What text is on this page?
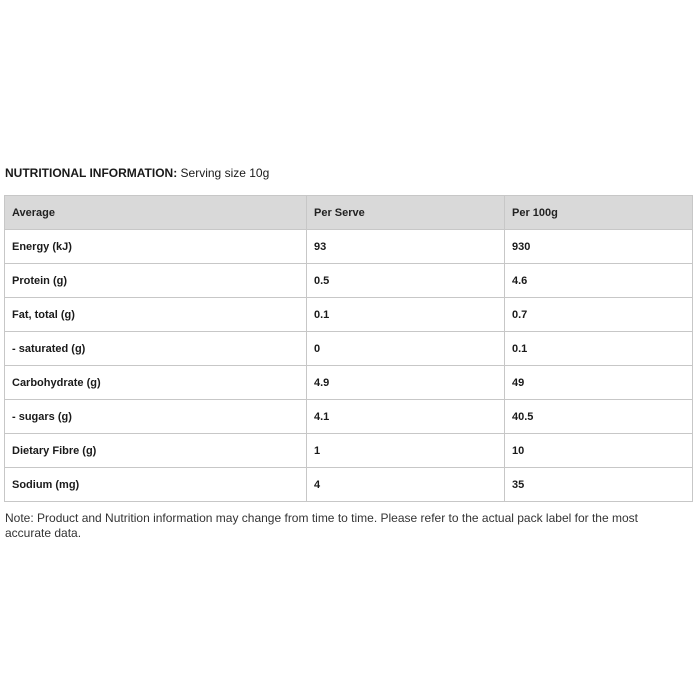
NUTRITIONAL INFORMATION: Serving size 10g
Average	Per Serve	Per 100g
Energy (kJ)	93	930
Protein (g)	0.5	4.6
Fat, total (g)	0.1	0.7
- saturated (g)	0	0.1
Carbohydrate (g)	4.9	49
- sugars (g)	4.1	40.5
Dietary Fibre (g)	1	10
Sodium (mg)	4	35
Note: Product and Nutrition information may change from time to time. Please refer to the actual pack label for the most accurate data.
